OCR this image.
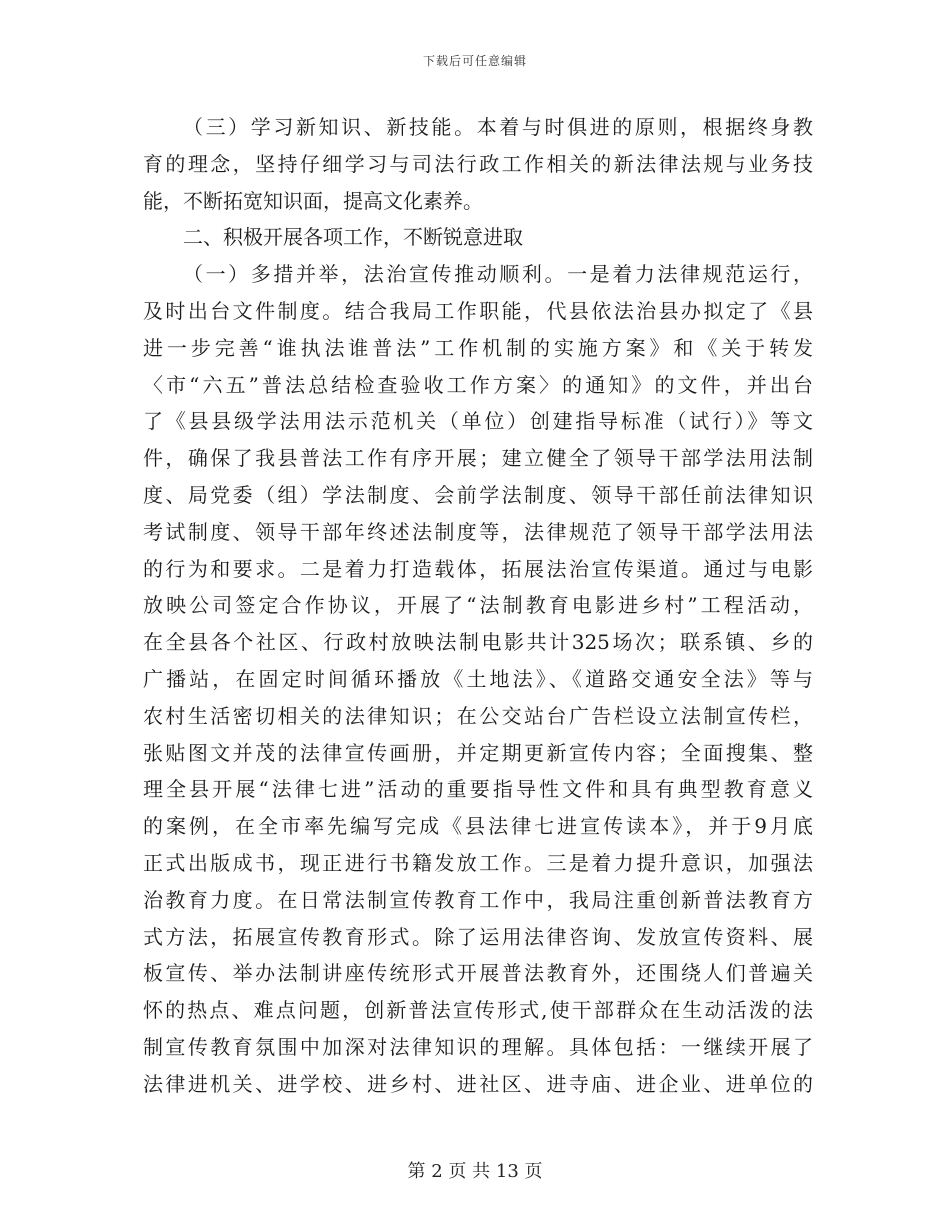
下载后可任意编辑
（三）学习新知识、新技能。本着与时俱进的原则，根据终身教
育的理念，坚持仔细学习与司法行政工作相关的新法律法规与业务技
能，不断拓宽知识面，提高文化素养。
二、积极开展各项工作，不断锐意进取
（一）多措并举，法治宣传推动顺利。一是着力法律规范运行，
及时出台文件制度。结合我局工作职能，代县依法治县办拟定了《县
进一步完善“谁执法谁普法”工作机制的实施方案》和《关于转发
〈市“六五”普法总结检查验收工作方案〉的通知》的文件，并出台
了《县县级学法用法示范机关（单位）创建指导标准（试行）》等文
件，确保了我县普法工作有序开展；建立健全了领导干部学法用法制
度、局党委（组）学法制度、会前学法制度、领导干部任前法律知识
考试制度、领导干部年终述法制度等，法律规范了领导干部学法用法
的行为和要求。二是着力打造载体，拓展法治宣传渠道。通过与电影
放映公司签定合作协议，开展了“法制教育电影进乡村”工程活动，
在全县各个社区、行政村放映法制电影共计325场次；联系镇、乡的
广播站，在固定时间循环播放《土地法》、《道路交通安全法》等与
农村生活密切相关的法律知识；在公交站台广告栏设立法制宣传栏，
张贴图文并茂的法律宣传画册，并定期更新宣传内容；全面搜集、整
理全县开展“法律七进”活动的重要指导性文件和具有典型教育意义
的案例，在全市率先编写完成《县法律七进宣传读本》，并于9月底
正式出版成书，现正进行书籍发放工作。三是着力提升意识，加强法
治教育力度。在日常法制宣传教育工作中，我局注重创新普法教育方
式方法，拓展宣传教育形式。除了运用法律咨询、发放宣传资料、展
板宣传、举办法制讲座传统形式开展普法教育外，还围绕人们普遍关
怀的热点、难点问题，创新普法宣传形式,使干部群众在生动活泼的法
制宣传教育氛围中加深对法律知识的理解。具体包括：一继续开展了
法律进机关、进学校、进乡村、进社区、进寺庙、进企业、进单位的
第 2 页 共 13 页
